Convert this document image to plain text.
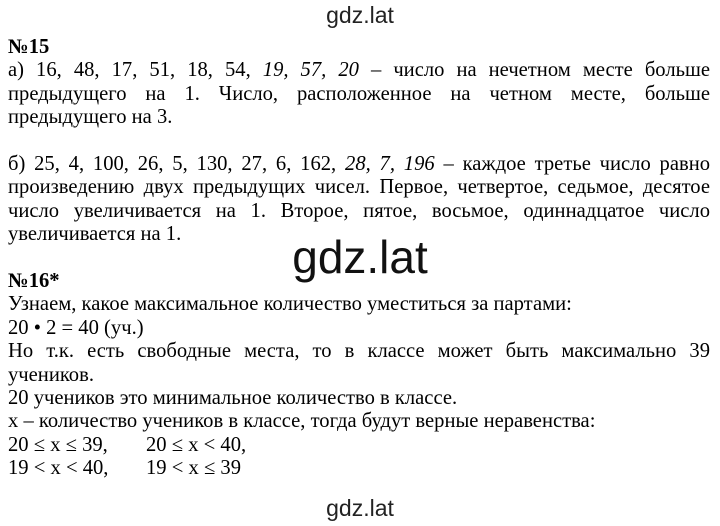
gdz.lat

№15

а) 16, 48, 17, 51, 18, 54, 19, 57, 20 – число на нечетном месте больше предыдущего на 1. Число, расположенное на четном месте, больше предыдущего на 3.

б) 25, 4, 100, 26, 5, 130, 27, 6, 162, 28, 7, 196 – каждое третье число равно произведению двух предыдущих чисел. Первое, четвертое, седьмое, десятое число увеличивается на 1. Второе, пятое, восьмое, одиннадцатое число увеличивается на 1.

№16*

Узнаем, какое максимальное количество уместиться за партами:

20 • 2 = 40 (уч.)

Но т.к. есть свободные места, то в классе может быть максимально 39 учеников.

20 учеников это минимальное количество в классе.

x – количество учеников в классе, тогда будут верные неравенства:

20 ≤ x ≤ 39, 20 ≤ x < 40,

19 < x < 40, 19 < x ≤ 39

gdz.lat
gdz.lat
